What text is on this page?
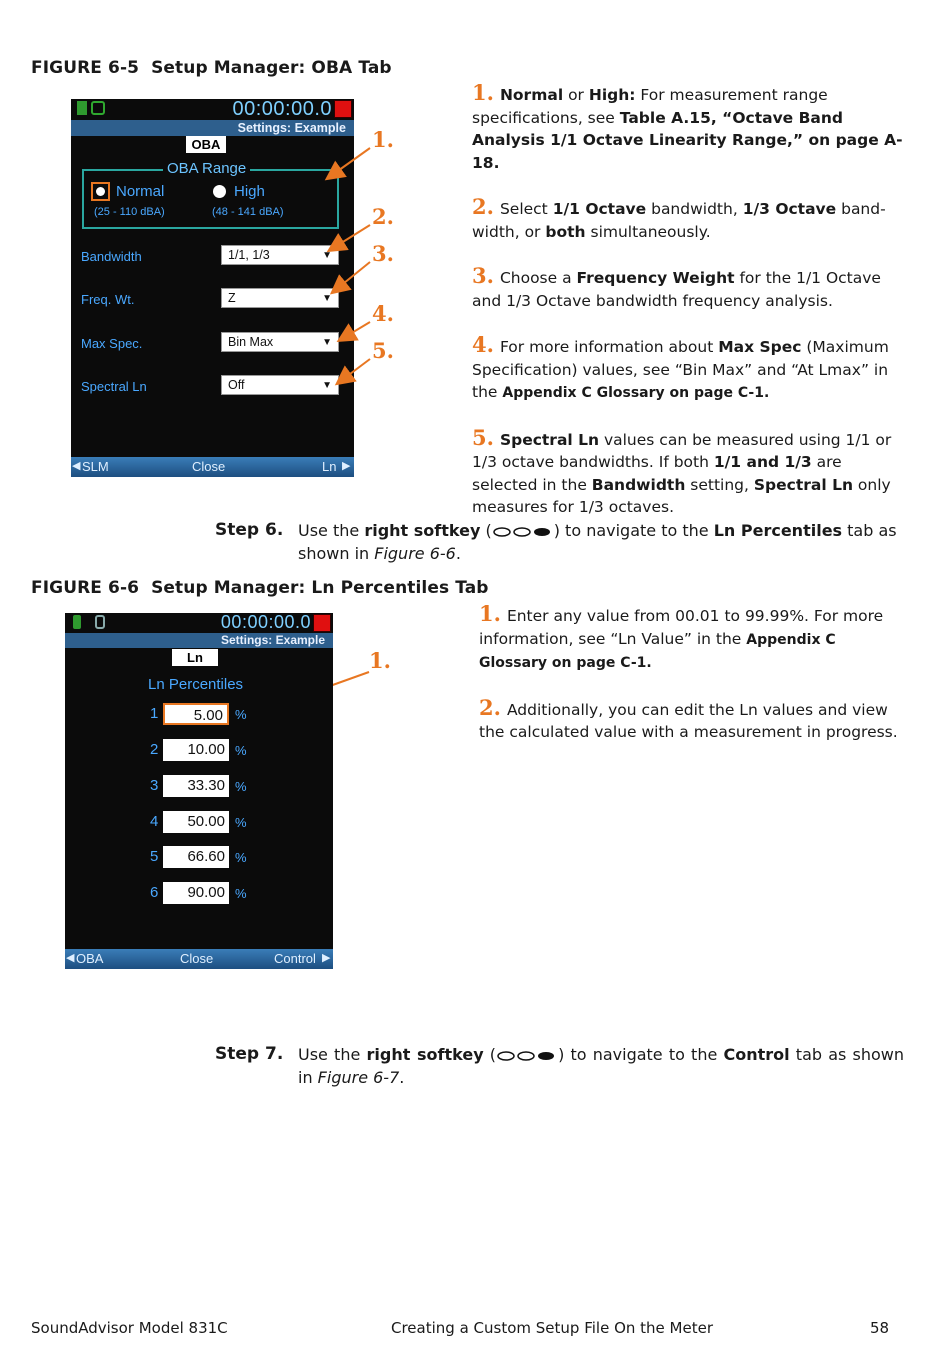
FIGURE 6-5 Setup Manager: OBA Tab
00:00:00.0
Settings: Example
OBA
OBA Range
Normal
(25 - 110 dBA)
High
(48 - 141 dBA)
Bandwidth	1/1, 1/3	▼
Freq. Wt.	Z	▼
Max Spec.	Bin Max	▼
Spectral Ln	Off	▼
◀ SLM	Close	Ln ▶
1.
2.
3.
4.
5.

1. Normal or High: For measurement range specifications, see Table A.15, “Octave Band Analysis 1/1 Octave Linearity Range,” on page A-18.

2. Select 1/1 Octave bandwidth, 1/3 Octave band-width, or both simultaneously.

3. Choose a Frequency Weight for the 1/1 Octave and 1/3 Octave bandwidth frequency analysis.

4. For more information about Max Spec (Maximum Specification) values, see “Bin Max” and “At Lmax” in the Appendix C Glossary on page C-1.

5. Spectral Ln values can be measured using 1/1 or 1/3 octave bandwidths. If both 1/1 and 1/3 are selected in the Bandwidth setting, Spectral Ln only measures for 1/3 octaves.

Step 6. Use the right softkey (	) to navigate to the Ln Percentiles tab as shown in Figure 6-6.
FIGURE 6-6 Setup Manager: Ln Percentiles Tab
00:00:00.0
Settings: Example
Ln
Ln Percentiles
1	5.00 %
2	10.00 %
3	33.30 %
4	50.00 %
5	66.60 %
6	90.00 %
◀ OBA	Close	Control ▶
1.

1. Enter any value from 00.01 to 99.99%. For more information, see “Ln Value” in the Appendix C Glossary on page C-1.

2. Additionally, you can edit the Ln values and view the calculated value with a measurement in progress.

Step 7. Use the right softkey (	) to navigate to the Control tab as shown in Figure 6-7.
SoundAdvisor Model 831C	Creating a Custom Setup File On the Meter	58
